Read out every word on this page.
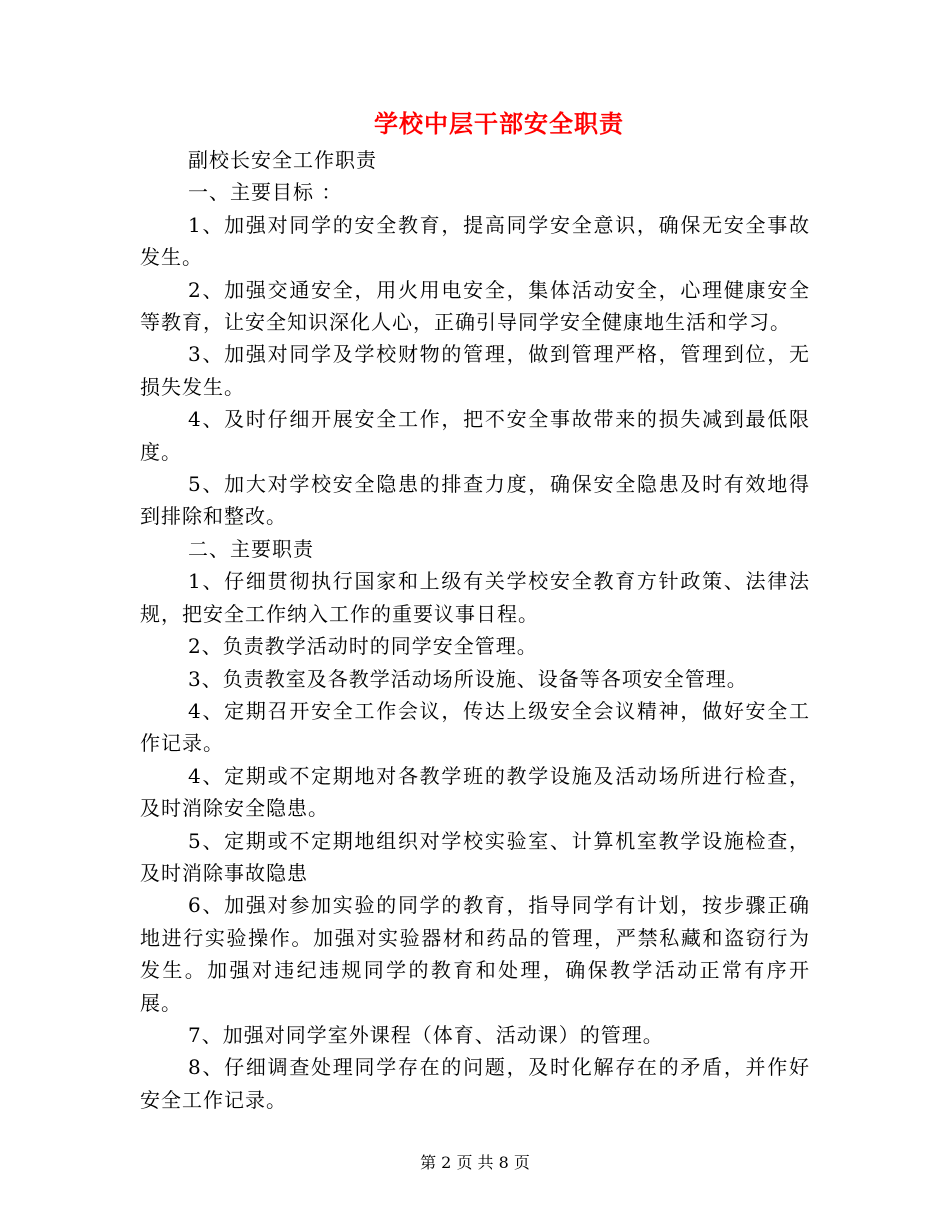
学校中层干部安全职责

副校长安全工作职责

一、主要目标 ：

1、加强对同学的安全教育，提高同学安全意识，确保无安全事故发生。

2、加强交通安全，用火用电安全，集体活动安全，心理健康安全等教育，让安全知识深化人心，正确引导同学安全健康地生活和学习。

3、加强对同学及学校财物的管理，做到管理严格，管理到位，无损失发生。

4、及时仔细开展安全工作，把不安全事故带来的损失减到最低限度。

5、加大对学校安全隐患的排查力度，确保安全隐患及时有效地得到排除和整改。

二、主要职责

1、仔细贯彻执行国家和上级有关学校安全教育方针政策、法律法规，把安全工作纳入工作的重要议事日程。

2、负责教学活动时的同学安全管理。

3、负责教室及各教学活动场所设施、设备等各项安全管理。

4、定期召开安全工作会议，传达上级安全会议精神，做好安全工作记录。

4、定期或不定期地对各教学班的教学设施及活动场所进行检查，及时消除安全隐患。

5、定期或不定期地组织对学校实验室、计算机室教学设施检查，及时消除事故隐患

6、加强对参加实验的同学的教育，指导同学有计划，按步骤正确地进行实验操作。加强对实验器材和药品的管理，严禁私藏和盗窃行为发生。加强对违纪违规同学的教育和处理，确保教学活动正常有序开展。

7、加强对同学室外课程（体育、活动课）的管理。

8、仔细调查处理同学存在的问题，及时化解存在的矛盾，并作好安全工作记录。

第 2 页 共 8 页
